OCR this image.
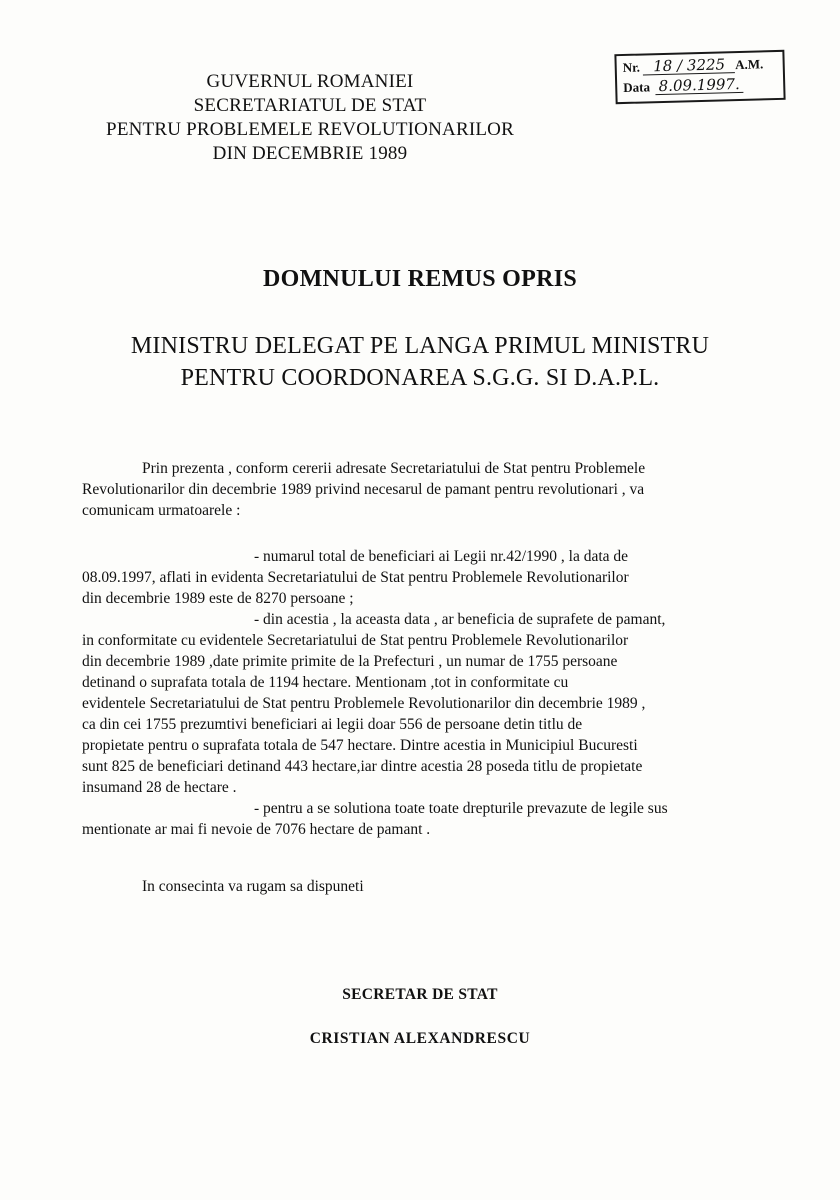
GUVERNUL ROMANIEI
SECRETARIATUL DE STAT
PENTRU PROBLEMELE REVOLUTIONARILOR
DIN DECEMBRIE 1989
Nr. 18 / 3225 A.M.
Data 8.09.1997.
DOMNULUI REMUS OPRIS
MINISTRU DELEGAT PE LANGA PRIMUL MINISTRU
PENTRU COORDONAREA S.G.G. SI D.A.P.L.
Prin prezenta , conform cererii adresate Secretariatului de Stat pentru Problemele
Revolutionarilor din decembrie 1989 privind necesarul de pamant pentru revolutionari , va
comunicam urmatoarele :
- numarul total de beneficiari ai Legii nr.42/1990 , la data de
08.09.1997, aflati in evidenta Secretariatului de Stat pentru Problemele Revolutionarilor
din decembrie 1989 este de 8270 persoane ;
- din acestia , la aceasta data , ar beneficia de suprafete de pamant,
in conformitate cu evidentele Secretariatului de Stat pentru Problemele Revolutionarilor
din decembrie 1989 ,date primite primite de la Prefecturi , un numar de 1755 persoane
detinand o suprafata totala de 1194 hectare. Mentionam ,tot in conformitate cu
evidentele Secretariatului de Stat pentru Problemele Revolutionarilor din decembrie 1989 ,
ca din cei 1755 prezumtivi beneficiari ai legii doar 556 de persoane detin titlu de
propietate pentru o suprafata totala de 547 hectare. Dintre acestia in Municipiul Bucuresti
sunt 825 de beneficiari detinand 443 hectare,iar dintre acestia 28 poseda titlu de propietate
insumand 28 de hectare .
- pentru a se solutiona toate toate drepturile prevazute de legile sus
mentionate ar mai fi nevoie de 7076 hectare de pamant .
In consecinta va rugam sa dispuneti
SECRETAR DE STAT
CRISTIAN ALEXANDRESCU
